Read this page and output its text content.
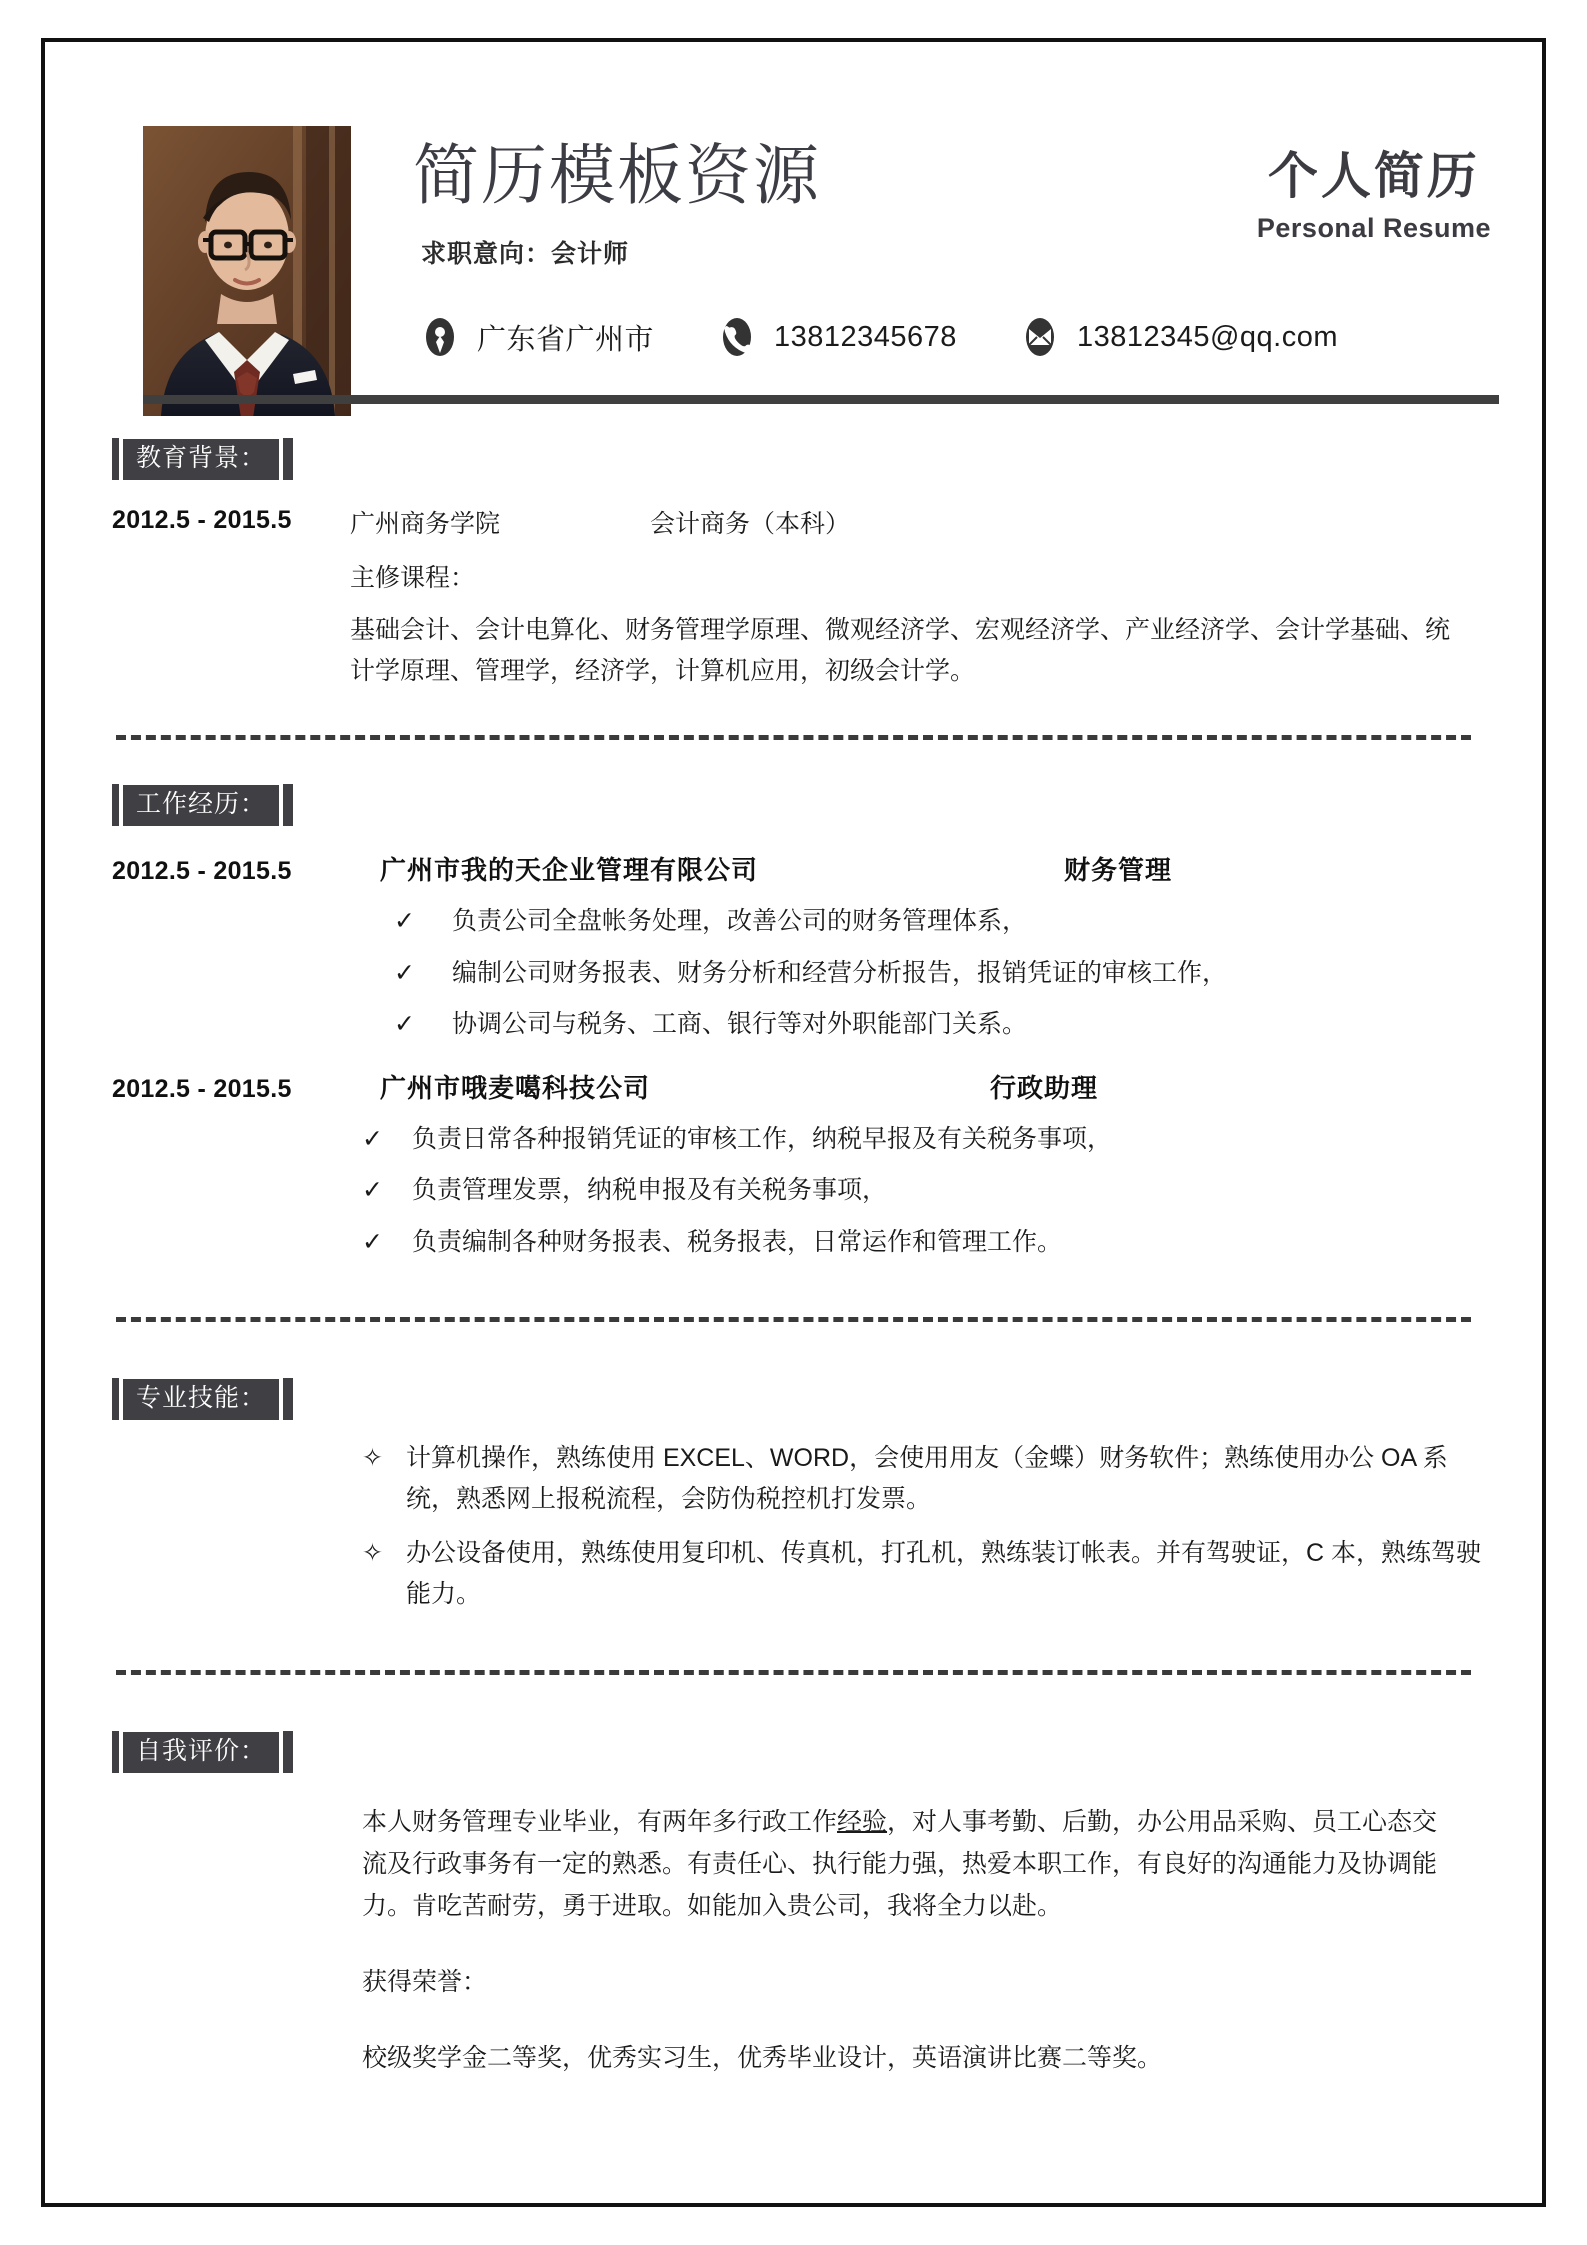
简历模板资源
求职意向：会计师
个人简历
Personal Resume
广东省广州市	13812345678	13812345@qq.com
教育背景：
2012.5 - 2015.5	广州商务学院	会计商务（本科）
主修课程：
基础会计、会计电算化、财务管理学原理、微观经济学、宏观经济学、产业经济学、会计学基础、统计学原理、管理学，经济学，计算机应用，初级会计学。
工作经历：
2012.5 - 2015.5	广州市我的天企业管理有限公司	财务管理
✓	负责公司全盘帐务处理，改善公司的财务管理体系，
✓	编制公司财务报表、财务分析和经营分析报告，报销凭证的审核工作，
✓	协调公司与税务、工商、银行等对外职能部门关系。
2012.5 - 2015.5	广州市哦麦噶科技公司	行政助理
✓	负责日常各种报销凭证的审核工作，纳税早报及有关税务事项，
✓	负责管理发票，纳税申报及有关税务事项，
✓	负责编制各种财务报表、税务报表，日常运作和管理工作。
专业技能：
✧ 计算机操作，熟练使用 EXCEL、WORD，会使用用友（金蝶）财务软件；熟练使用办公 OA 系统，熟悉网上报税流程，会防伪税控机打发票。
✧ 办公设备使用，熟练使用复印机、传真机，打孔机，熟练装订帐表。并有驾驶证，C 本，熟练驾驶能力。
自我评价：
本人财务管理专业毕业，有两年多行政工作经验，对人事考勤、后勤，办公用品采购、员工心态交流及行政事务有一定的熟悉。有责任心、执行能力强，热爱本职工作，有良好的沟通能力及协调能力。肯吃苦耐劳，勇于进取。如能加入贵公司，我将全力以赴。
获得荣誉：
校级奖学金二等奖，优秀实习生，优秀毕业设计，英语演讲比赛二等奖。
